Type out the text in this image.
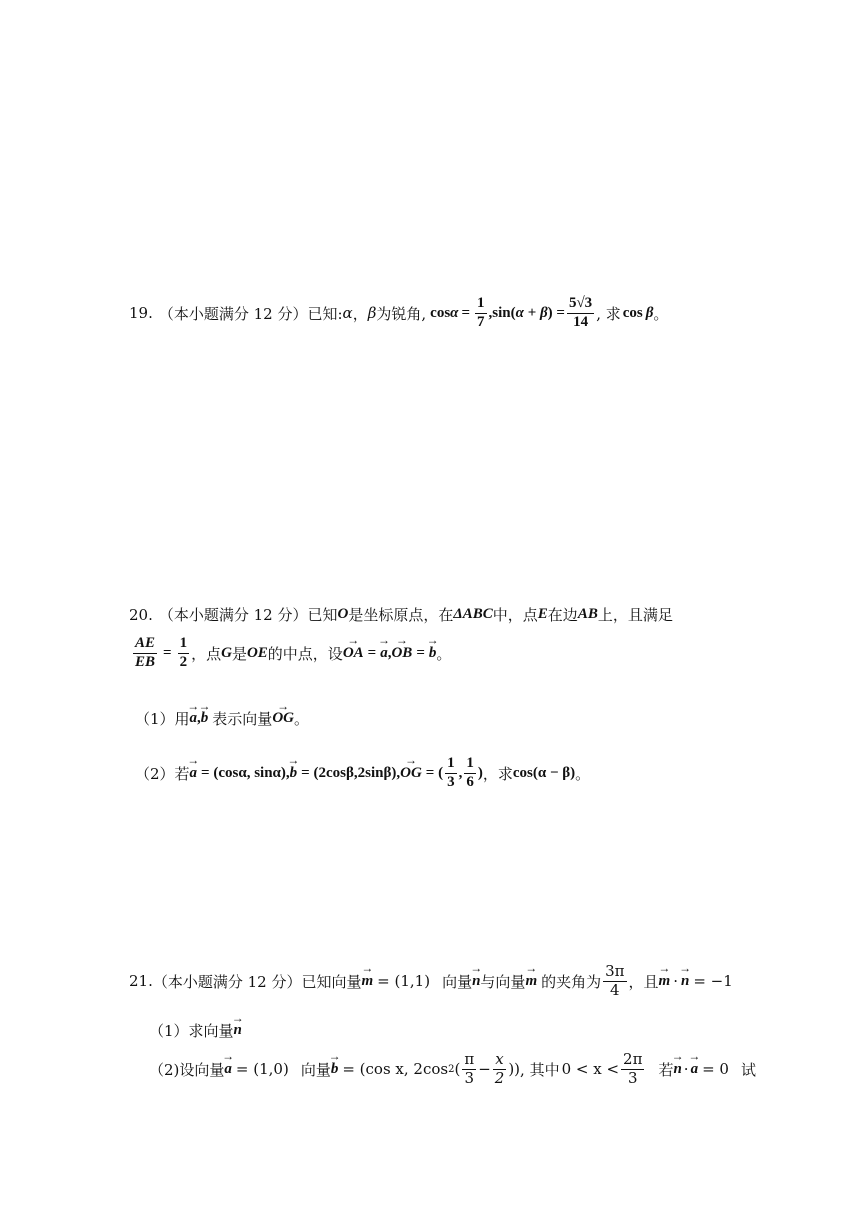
19. （本小题满分 12 分）已知: α ， β 为锐角, $\cos \alpha = \frac{1}{7} ,\sin$( α + β ) = $\frac{5√3}{14}$ , 求 cos β 。
20. （本小题满分 12 分）已知 O 是坐标原点，在 ΔABC 中，点 E 在边 AB 上，且满足
$\frac{AE}{EB} = \frac{1}{2}$ ，点 G 是 OE 的中点，设 → OA = → a , → OB = → b 。
（1）用 → a , → b 表示向量 → OG 。
（2）若 → a = (cosα, sinα), → b = (2cosβ,2sinβ), → OG = ( $\frac{1}{3}$ , $\frac{1}{6}$ ) ，求 cos(α − β) 。
21. （本小题满分 12 分）已知向量 → m = (1,1) 向量 → n 与向量 → m 的夹角为 $\frac{3\pi}{4}$ ，且 → m · → n = −1
（1）求向量 → n
（2)设向量 → a = (1,0) 向量 → b = (cos x, 2cos 2 ( $\frac{\pi}{3} - \frac{x}{2}$ )) , 其中 $0 < x < \frac{2\pi}{3}$ 若 → n · → a = 0 试
